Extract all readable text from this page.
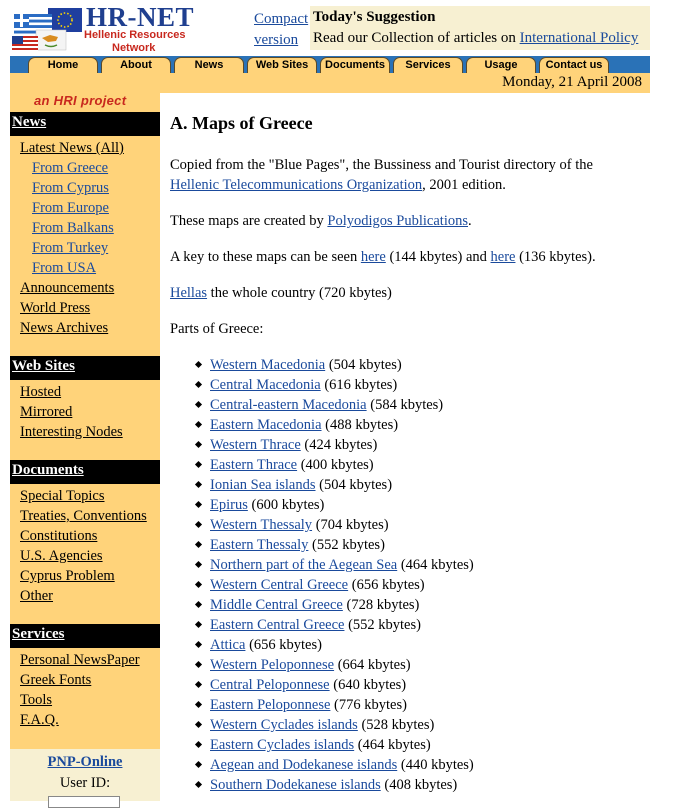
HR-NET
Hellenic Resources
Network
Compact version
Today's Suggestion
Read our Collection of articles on International Policy
Home	About	News	Web Sites	Documents	Services	Usage	Contact us
Monday, 21 April 2008
an HRI project
News
Latest News (All)
From Greece
From Cyprus
From Europe
From Balkans
From Turkey
From USA
Announcements
World Press
News Archives
Web Sites
Hosted
Mirrored
Interesting Nodes
Documents
Special Topics
Treaties, Conventions
Constitutions
U.S. Agencies
Cyprus Problem
Other
Services
Personal NewsPaper
Greek Fonts
Tools
F.A.Q.
PNP-Online
User ID:
A. Maps of Greece
Copied from the "Blue Pages", the Bussiness and Tourist directory of the
Hellenic Telecommunications Organization, 2001 edition.
These maps are created by Polyodigos Publications.
A key to these maps can be seen here (144 kbytes) and here (136 kbytes).
Hellas the whole country (720 kbytes)
Parts of Greece:
Western Macedonia (504 kbytes)
Central Macedonia (616 kbytes)
Central-eastern Macedonia (584 kbytes)
Eastern Macedonia (488 kbytes)
Western Thrace (424 kbytes)
Eastern Thrace (400 kbytes)
Ionian Sea islands (504 kbytes)
Epirus (600 kbytes)
Western Thessaly (704 kbytes)
Eastern Thessaly (552 kbytes)
Northern part of the Aegean Sea (464 kbytes)
Western Central Greece (656 kbytes)
Middle Central Greece (728 kbytes)
Eastern Central Greece (552 kbytes)
Attica (656 kbytes)
Western Peloponnese (664 kbytes)
Central Peloponnese (640 kbytes)
Eastern Peloponnese (776 kbytes)
Western Cyclades islands (528 kbytes)
Eastern Cyclades islands (464 kbytes)
Aegean and Dodekanese islands (440 kbytes)
Southern Dodekanese islands (408 kbytes)
